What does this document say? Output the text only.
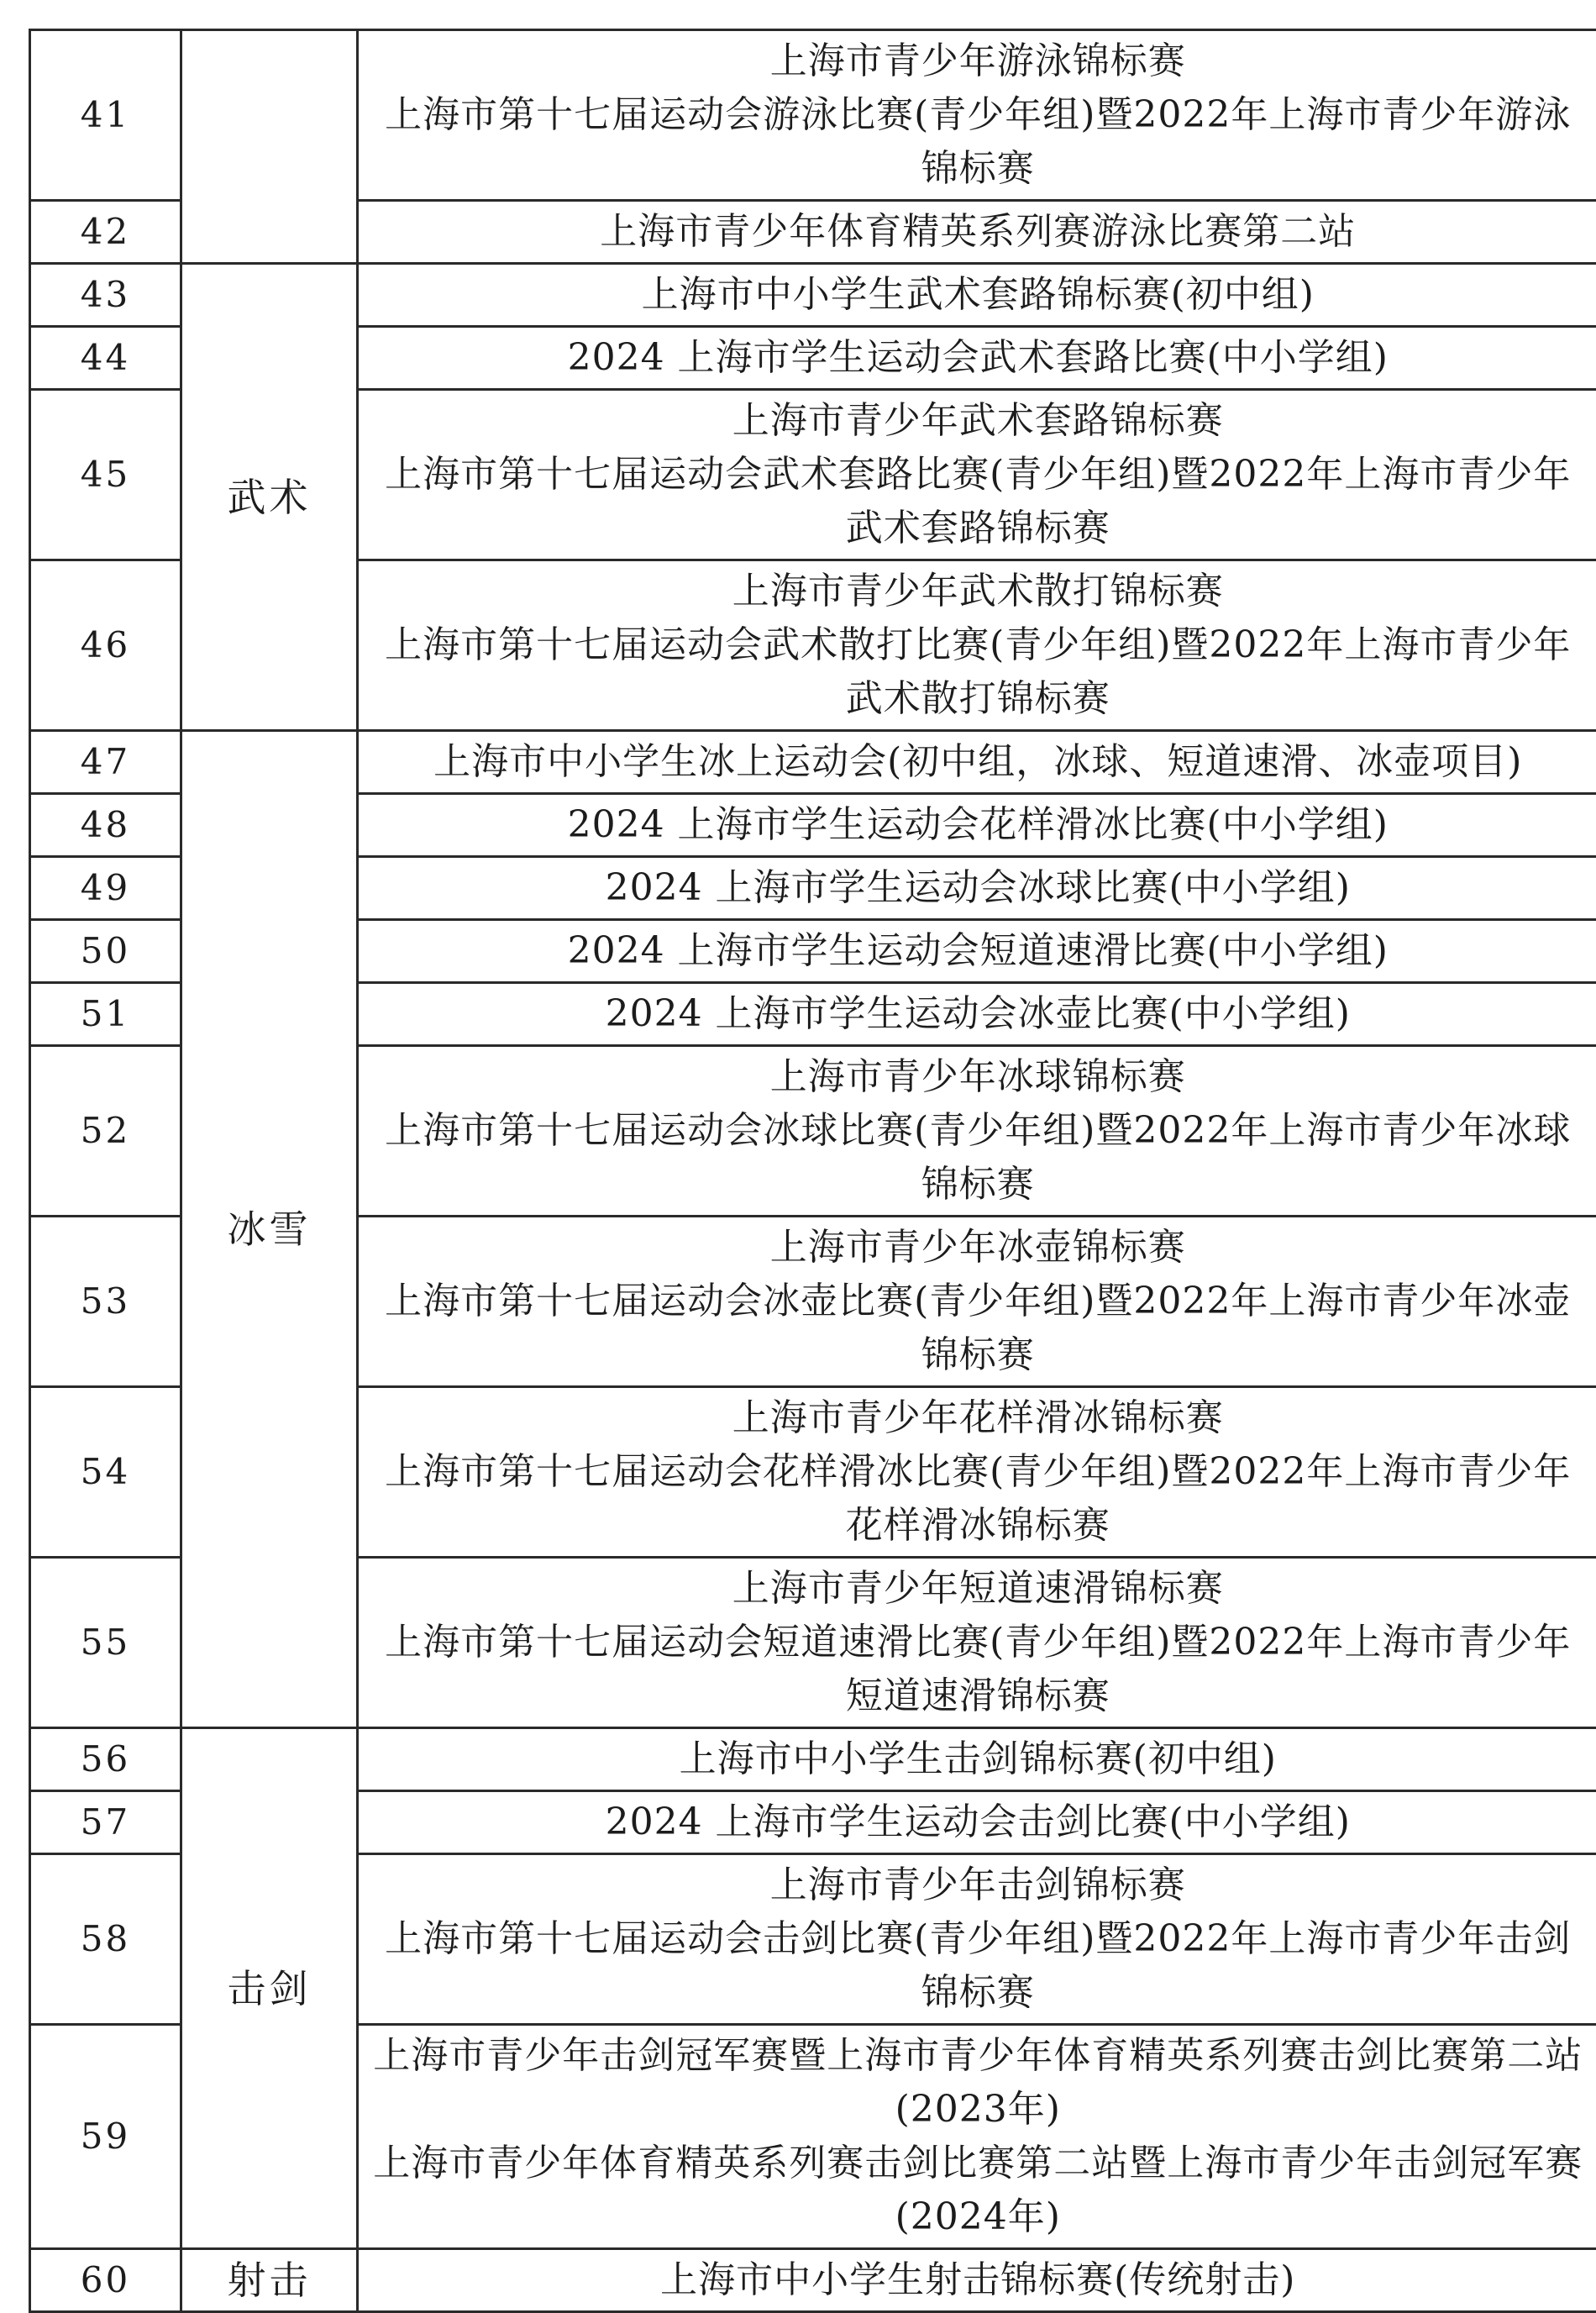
41		上海市青少年游泳锦标赛
上海市第十七届运动会游泳比赛(青少年组)暨2022年上海市青少年游泳锦标赛

42		上海市青少年体育精英系列赛游泳比赛第二站

43	武术	上海市中小学生武术套路锦标赛(初中组)

44		2024 上海市学生运动会武术套路比赛(中小学组)

45		上海市青少年武术套路锦标赛
上海市第十七届运动会武术套路比赛(青少年组)暨2022年上海市青少年武术套路锦标赛

46		上海市青少年武术散打锦标赛
上海市第十七届运动会武术散打比赛(青少年组)暨2022年上海市青少年武术散打锦标赛

47	冰雪	上海市中小学生冰上运动会(初中组，冰球、短道速滑、冰壶项目)

48		2024 上海市学生运动会花样滑冰比赛(中小学组)

49		2024 上海市学生运动会冰球比赛(中小学组)

50		2024 上海市学生运动会短道速滑比赛(中小学组)

51		2024 上海市学生运动会冰壶比赛(中小学组)

52		上海市青少年冰球锦标赛
上海市第十七届运动会冰球比赛(青少年组)暨2022年上海市青少年冰球锦标赛

53		上海市青少年冰壶锦标赛
上海市第十七届运动会冰壶比赛(青少年组)暨2022年上海市青少年冰壶锦标赛

54		上海市青少年花样滑冰锦标赛
上海市第十七届运动会花样滑冰比赛(青少年组)暨2022年上海市青少年花样滑冰锦标赛

55		上海市青少年短道速滑锦标赛
上海市第十七届运动会短道速滑比赛(青少年组)暨2022年上海市青少年短道速滑锦标赛

56	击剑	上海市中小学生击剑锦标赛(初中组)

57		2024 上海市学生运动会击剑比赛(中小学组)

58		上海市青少年击剑锦标赛
上海市第十七届运动会击剑比赛(青少年组)暨2022年上海市青少年击剑锦标赛

59		上海市青少年击剑冠军赛暨上海市青少年体育精英系列赛击剑比赛第二站(2023年)
上海市青少年体育精英系列赛击剑比赛第二站暨上海市青少年击剑冠军赛(2024年)

60	射击	上海市中小学生射击锦标赛(传统射击)
